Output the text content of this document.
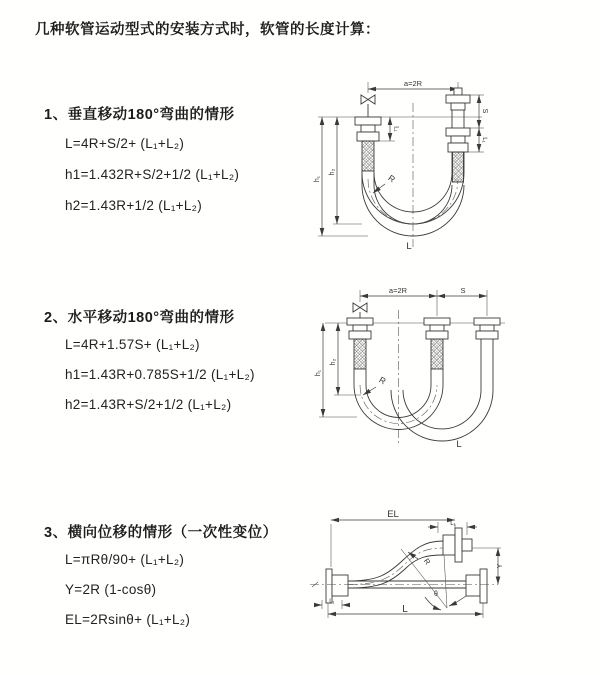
几种软管运动型式的安装方式时，软管的长度计算：
1、垂直移动180°弯曲的情形
L=4R+S/2+ (L₁+L₂)
h1=1.432R+S/2+1/2 (L₁+L₂)
h2=1.43R+1/2 (L₁+L₂)
2、水平移动180°弯曲的情形
L=4R+1.57S+ (L₁+L₂)
h1=1.43R+0.785S+1/2 (L₁+L₂)
h2=1.43R+S/2+1/2 (L₁+L₂)
3、横向位移的情形（一次性变位）
L=πRθ/90+ (L₁+L₂)
Y=2R (1-cosθ)
EL=2Rsinθ+ (L₁+L₂)
a=2R
S
L₁
L₁
h₁
h₂
R
L
a=2R	S
h₁
h₂
R
L
EL
L₁
R
θ
Y
L₁
L
